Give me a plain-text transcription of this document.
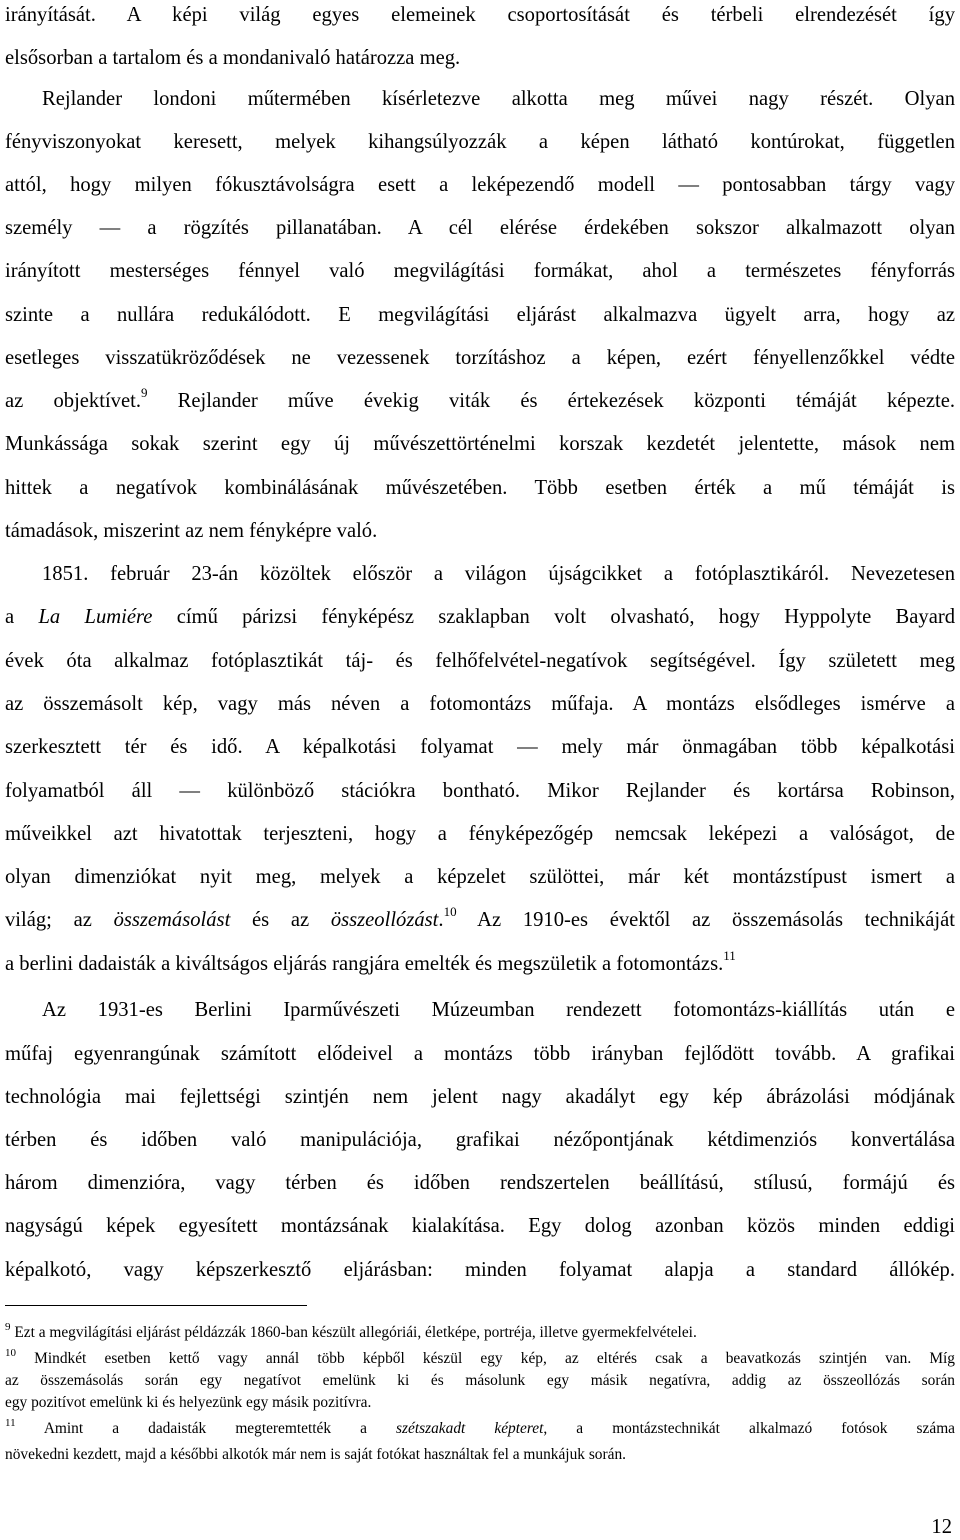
irányítását. A képi világ egyes elemeinek csoportosítását és térbeli elrendezését így
elsősorban a tartalom és a mondanivaló határozza meg.
Rejlander londoni műtermében kísérletezve alkotta meg művei nagy részét. Olyan
fényviszonyokat keresett, melyek kihangsúlyozzák a képen látható kontúrokat, független
attól, hogy milyen fókusztávolságra esett a leképezendő modell ― pontosabban tárgy vagy
személy ― a rögzítés pillanatában. A cél elérése érdekében sokszor alkalmazott olyan
irányított mesterséges fénnyel való megvilágítási formákat, ahol a természetes fényforrás
szinte a nullára redukálódott. E megvilágítási eljárást alkalmazva ügyelt arra, hogy az
esetleges visszatükröződések ne vezessenek torzításhoz a képen, ezért fényellenzőkkel védte
az objektívet.$^9$ Rejlander műve évekig viták és értekezések központi témáját képezte.
Munkássága sokak szerint egy új művészettörténelmi korszak kezdetét jelentette, mások nem
hittek a negatívok kombinálásának művészetében. Több esetben érték a mű témáját is
támadások, miszerint az nem fényképre való.
1851. február 23-án közöltek először a világon újságcikket a fotóplasztikáról. Nevezetesen
a La Lumiére című párizsi fényképész szaklapban volt olvasható, hogy Hyppolyte Bayard
évek óta alkalmaz fotóplasztikát táj- és felhőfelvétel-negatívok segítségével. Így született meg
az összemásolt kép, vagy más néven a fotomontázs műfaja. A montázs elsődleges ismérve a
szerkesztett tér és idő. A képalkotási folyamat ― mely már önmagában több képalkotási
folyamatból áll ― különböző stációkra bontható. Mikor Rejlander és kortársa Robinson,
műveikkel azt hivatottak terjeszteni, hogy a fényképezőgép nemcsak leképezi a valóságot, de
olyan dimenziókat nyit meg, melyek a képzelet szülöttei, már két montázstípust ismert a
világ; az összemásolást és az összeollózást.$^{10}$ Az 1910-es évektől az összemásolás technikáját
a berlini dadaisták a kiváltságos eljárás rangjára emelték és megszületik a fotomontázs.$^{11}$
Az 1931-es Berlini Iparművészeti Múzeumban rendezett fotomontázs-kiállítás után e
műfaj egyenrangúnak számított elődeivel a montázs több irányban fejlődött tovább. A grafikai
technológia mai fejlettségi szintjén nem jelent nagy akadályt egy kép ábrázolási módjának
térben és időben való manipulációja, grafikai nézőpontjának kétdimenziós konvertálása
három dimenzióra, vagy térben és időben rendszertelen beállítású, stílusú, formájú és
nagyságú képek egyesített montázsának kialakítása. Egy dolog azonban közös minden eddigi
képalkotó, vagy képszerkesztő eljárásban: minden folyamat alapja a standard állókép.
$^9$ Ezt a megvilágítási eljárást példázzák 1860-ban készült allegóriái, életképe, portréja, illetve gyermekfelvételei.
$^{10}$ Mindkét esetben kettő vagy annál több képből készül egy kép, az eltérés csak a beavatkozás szintjén van. Míg
az összemásolás során egy negatívot emelünk ki és másolunk egy másik negatívra, addig az összeollózás során
egy pozitívot emelünk ki és helyezünk egy másik pozitívra.
$^{11}$ Amint a dadaisták megteremtették a szétszakadt képteret, a montázstechnikát alkalmazó fotósok száma
növekedni kezdett, majd a későbbi alkotók már nem is saját fotókat használtak fel a munkájuk során.
12
